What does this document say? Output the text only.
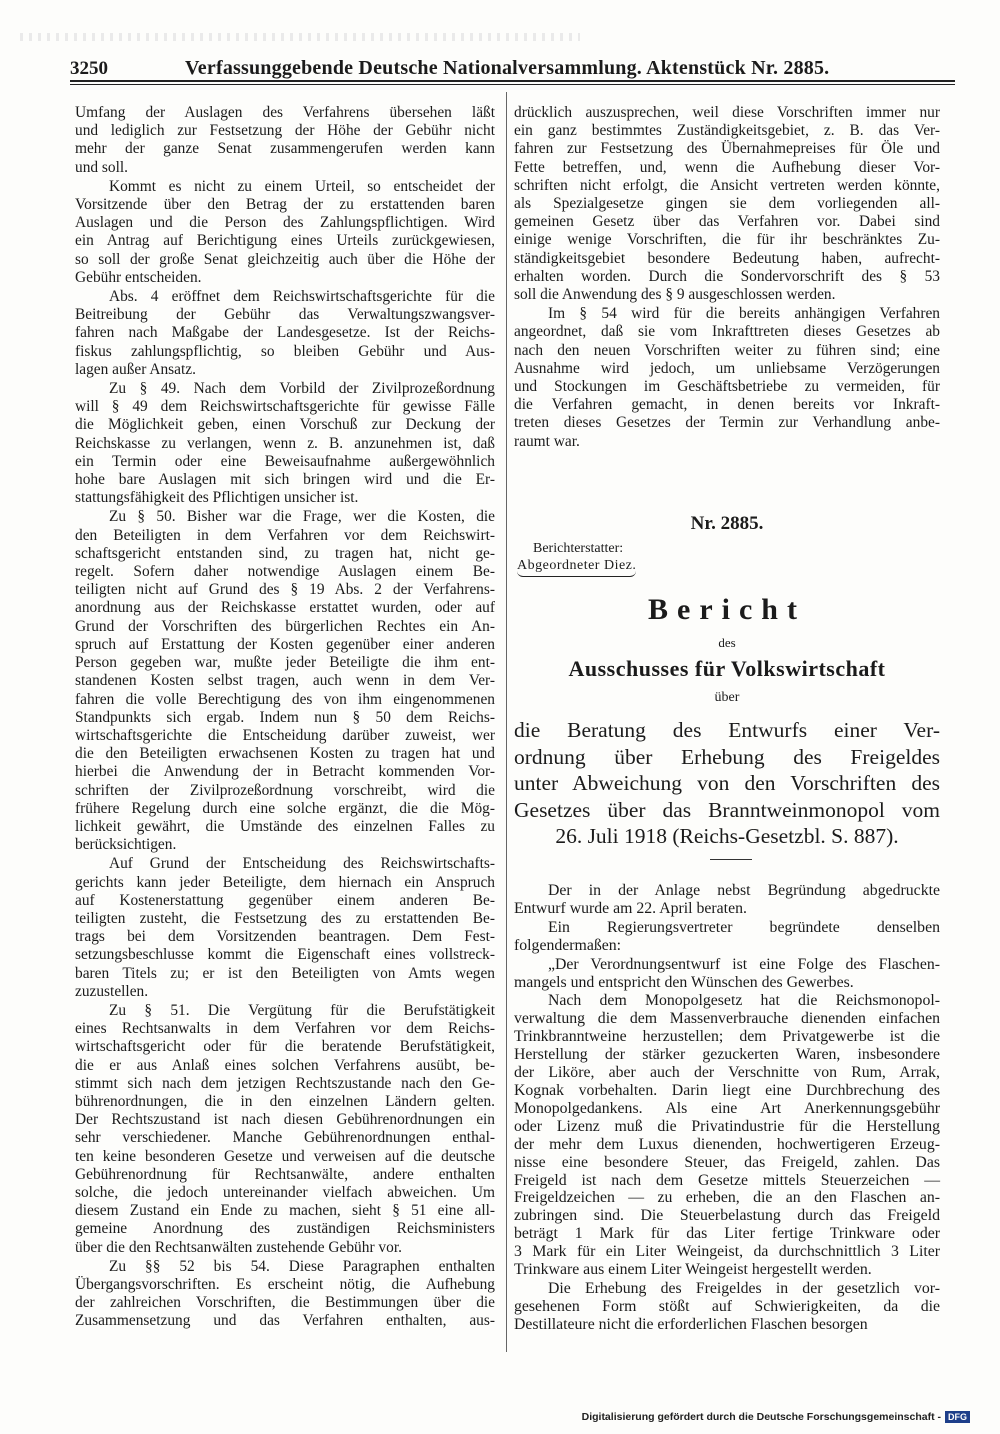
3250	Verfassunggebende Deutsche Nationalversammlung. Aktenstück Nr. 2885.
Umfang der Auslagen des Verfahrens übersehen läßt
und lediglich zur Festsetzung der Höhe der Gebühr nicht
mehr der ganze Senat zusammengerufen werden kann
und soll.
Kommt es nicht zu einem Urteil, so entscheidet der
Vorsitzende über den Betrag der zu erstattenden baren
Auslagen und die Person des Zahlungspflichtigen. Wird
ein Antrag auf Berichtigung eines Urteils zurückgewiesen,
so soll der große Senat gleichzeitig auch über die Höhe der
Gebühr entscheiden.
Abs. 4 eröffnet dem Reichswirtschaftsgerichte für die
Beitreibung der Gebühr das Verwaltungszwangsver-
fahren nach Maßgabe der Landesgesetze. Ist der Reichs-
fiskus zahlungspflichtig, so bleiben Gebühr und Aus-
lagen außer Ansatz.
Zu § 49. Nach dem Vorbild der Zivilprozeßordnung
will § 49 dem Reichswirtschaftsgerichte für gewisse Fälle
die Möglichkeit geben, einen Vorschuß zur Deckung der
Reichskasse zu verlangen, wenn z. B. anzunehmen ist, daß
ein Termin oder eine Beweisaufnahme außergewöhnlich
hohe bare Auslagen mit sich bringen wird und die Er-
stattungsfähigkeit des Pflichtigen unsicher ist.
Zu § 50. Bisher war die Frage, wer die Kosten, die
den Beteiligten in dem Verfahren vor dem Reichswirt-
schaftsgericht entstanden sind, zu tragen hat, nicht ge-
regelt. Sofern daher notwendige Auslagen einem Be-
teiligten nicht auf Grund des § 19 Abs. 2 der Verfahrens-
anordnung aus der Reichskasse erstattet wurden, oder auf
Grund der Vorschriften des bürgerlichen Rechtes ein An-
spruch auf Erstattung der Kosten gegenüber einer anderen
Person gegeben war, mußte jeder Beteiligte die ihm ent-
standenen Kosten selbst tragen, auch wenn in dem Ver-
fahren die volle Berechtigung des von ihm eingenommenen
Standpunkts sich ergab. Indem nun § 50 dem Reichs-
wirtschaftsgerichte die Entscheidung darüber zuweist, wer
die den Beteiligten erwachsenen Kosten zu tragen hat und
hierbei die Anwendung der in Betracht kommenden Vor-
schriften der Zivilprozeßordnung vorschreibt, wird die
frühere Regelung durch eine solche ergänzt, die die Mög-
lichkeit gewährt, die Umstände des einzelnen Falles zu
berücksichtigen.
Auf Grund der Entscheidung des Reichswirtschafts-
gerichts kann jeder Beteiligte, dem hiernach ein Anspruch
auf Kostenerstattung gegenüber einem anderen Be-
teiligten zusteht, die Festsetzung des zu erstattenden Be-
trags bei dem Vorsitzenden beantragen. Dem Fest-
setzungsbeschlusse kommt die Eigenschaft eines vollstreck-
baren Titels zu; er ist den Beteiligten von Amts wegen
zuzustellen.
Zu § 51. Die Vergütung für die Berufstätigkeit
eines Rechtsanwalts in dem Verfahren vor dem Reichs-
wirtschaftsgericht oder für die beratende Berufstätigkeit,
die er aus Anlaß eines solchen Verfahrens ausübt, be-
stimmt sich nach dem jetzigen Rechtszustande nach den Ge-
bührenordnungen, die in den einzelnen Ländern gelten.
Der Rechtszustand ist nach diesen Gebührenordnungen ein
sehr verschiedener. Manche Gebührenordnungen enthal-
ten keine besonderen Gesetze und verweisen auf die deutsche
Gebührenordnung für Rechtsanwälte, andere enthalten
solche, die jedoch untereinander vielfach abweichen. Um
diesem Zustand ein Ende zu machen, sieht § 51 eine all-
gemeine Anordnung des zuständigen Reichsministers
über die den Rechtsanwälten zustehende Gebühr vor.
Zu §§ 52 bis 54. Diese Paragraphen enthalten
Übergangsvorschriften. Es erscheint nötig, die Aufhebung
der zahlreichen Vorschriften, die Bestimmungen über die
Zusammensetzung und das Verfahren enthalten, aus-
drücklich auszusprechen, weil diese Vorschriften immer nur
ein ganz bestimmtes Zuständigkeitsgebiet, z. B. das Ver-
fahren zur Festsetzung des Übernahmepreises für Öle und
Fette betreffen, und, wenn die Aufhebung dieser Vor-
schriften nicht erfolgt, die Ansicht vertreten werden könnte,
als Spezialgesetze gingen sie dem vorliegenden all-
gemeinen Gesetz über das Verfahren vor. Dabei sind
einige wenige Vorschriften, die für ihr beschränktes Zu-
ständigkeitsgebiet besondere Bedeutung haben, aufrecht-
erhalten worden. Durch die Sondervorschrift des § 53
soll die Anwendung des § 9 ausgeschlossen werden.
Im § 54 wird für die bereits anhängigen Verfahren
angeordnet, daß sie vom Inkrafttreten dieses Gesetzes ab
nach den neuen Vorschriften weiter zu führen sind; eine
Ausnahme wird jedoch, um unliebsame Verzögerungen
und Stockungen im Geschäftsbetriebe zu vermeiden, für
die Verfahren gemacht, in denen bereits vor Inkraft-
treten dieses Gesetzes der Termin zur Verhandlung anbe-
raumt war.
Nr. 2885.
Berichterstatter:
Abgeordneter Diez.
Bericht
des
Ausschusses für Volkswirtschaft
über
die Beratung des Entwurfs einer Ver-
ordnung über Erhebung des Freigeldes
unter Abweichung von den Vorschriften des
Gesetzes über das Branntweinmonopol vom
26. Juli 1918 (Reichs-Gesetzbl. S. 887).
Der in der Anlage nebst Begründung abgedruckte
Entwurf wurde am 22. April beraten.
Ein Regierungsvertreter begründete denselben
folgendermaßen:
„Der Verordnungsentwurf ist eine Folge des Flaschen-
mangels und entspricht den Wünschen des Gewerbes.
Nach dem Monopolgesetz hat die Reichsmonopol-
verwaltung die dem Massenverbrauche dienenden einfachen
Trinkbranntweine herzustellen; dem Privatgewerbe ist die
Herstellung der stärker gezuckerten Waren, insbesondere
der Liköre, aber auch der Verschnitte von Rum, Arrak,
Kognak vorbehalten. Darin liegt eine Durchbrechung des
Monopolgedankens. Als eine Art Anerkennungsgebühr
oder Lizenz muß die Privatindustrie für die Herstellung
der mehr dem Luxus dienenden, hochwertigeren Erzeug-
nisse eine besondere Steuer, das Freigeld, zahlen. Das
Freigeld ist nach dem Gesetze mittels Steuerzeichen —
Freigeldzeichen — zu erheben, die an den Flaschen an-
zubringen sind. Die Steuerbelastung durch das Freigeld
beträgt 1 Mark für das Liter fertige Trinkware oder
3 Mark für ein Liter Weingeist, da durchschnittlich 3 Liter
Trinkware aus einem Liter Weingeist hergestellt werden.
Die Erhebung des Freigeldes in der gesetzlich vor-
gesehenen Form stößt auf Schwierigkeiten, da die
Destillateure nicht die erforderlichen Flaschen besorgen
Digitalisierung gefördert durch die Deutsche Forschungsgemeinschaft - DFG
